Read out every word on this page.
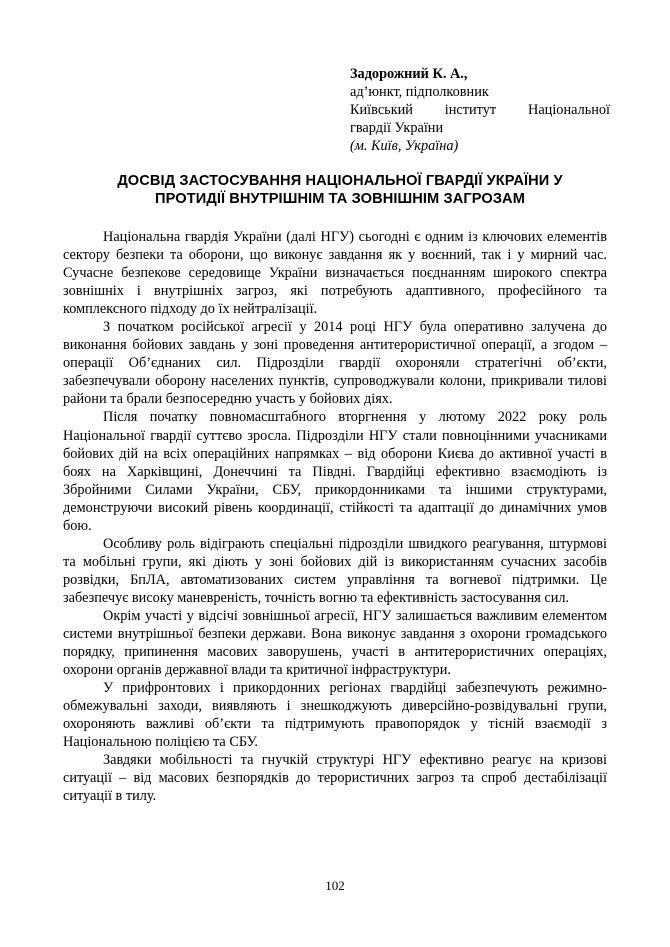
Задорожний К. А.,
ад’юнкт, підполковник
Київський інститут Національної
гвардії України
(м. Київ, Україна)
ДОСВІД ЗАСТОСУВАННЯ НАЦІОНАЛЬНОЇ ГВАРДІЇ УКРАЇНИ У
ПРОТИДІЇ ВНУТРІШНІМ ТА ЗОВНІШНІМ ЗАГРОЗАМ

Національна гвардія України (далі НГУ) сьогодні є одним із ключових елементів сектору безпеки та оборони, що виконує завдання як у воєнний, так і у мирний час. Сучасне безпекове середовище України визначається поєднанням широкого спектра зовнішніх і внутрішніх загроз, які потребують адаптивного, професійного та комплексного підходу до їх нейтралізації.

З початком російської агресії у 2014 році НГУ була оперативно залучена до виконання бойових завдань у зоні проведення антитерористичної операції, а згодом – операції Об’єднаних сил. Підрозділи гвардії охороняли стратегічні об’єкти, забезпечували оборону населених пунктів, супроводжували колони, прикривали тилові райони та брали безпосередню участь у бойових діях.

Після початку повномасштабного вторгнення у лютому 2022 року роль Національної гвардії суттєво зросла. Підрозділи НГУ стали повноцінними учасниками бойових дій на всіх операційних напрямках – від оборони Києва до активної участі в боях на Харківщині, Донеччині та Півдні. Гвардійці ефективно взаємодіють із Збройними Силами України, СБУ, прикордонниками та іншими структурами, демонструючи високий рівень координації, стійкості та адаптації до динамічних умов бою.

Особливу роль відіграють спеціальні підрозділи швидкого реагування, штурмові та мобільні групи, які діють у зоні бойових дій із використанням сучасних засобів розвідки, БпЛА, автоматизованих систем управління та вогневої підтримки. Це забезпечує високу маневреність, точність вогню та ефективність застосування сил.

Окрім участі у відсічі зовнішньої агресії, НГУ залишається важливим елементом системи внутрішньої безпеки держави. Вона виконує завдання з охорони громадського порядку, припинення масових заворушень, участі в антитерористичних операціях, охорони органів державної влади та критичної інфраструктури.

У прифронтових і прикордонних регіонах гвардійці забезпечують режимно-обмежувальні заходи, виявляють і знешкоджують диверсійно-розвідувальні групи, охороняють важливі об’єкти та підтримують правопорядок у тісній взаємодії з Національною поліцією та СБУ.

Завдяки мобільності та гнучкій структурі НГУ ефективно реагує на кризові ситуації – від масових безпорядків до терористичних загроз та спроб дестабілізації ситуації в тилу.

102
